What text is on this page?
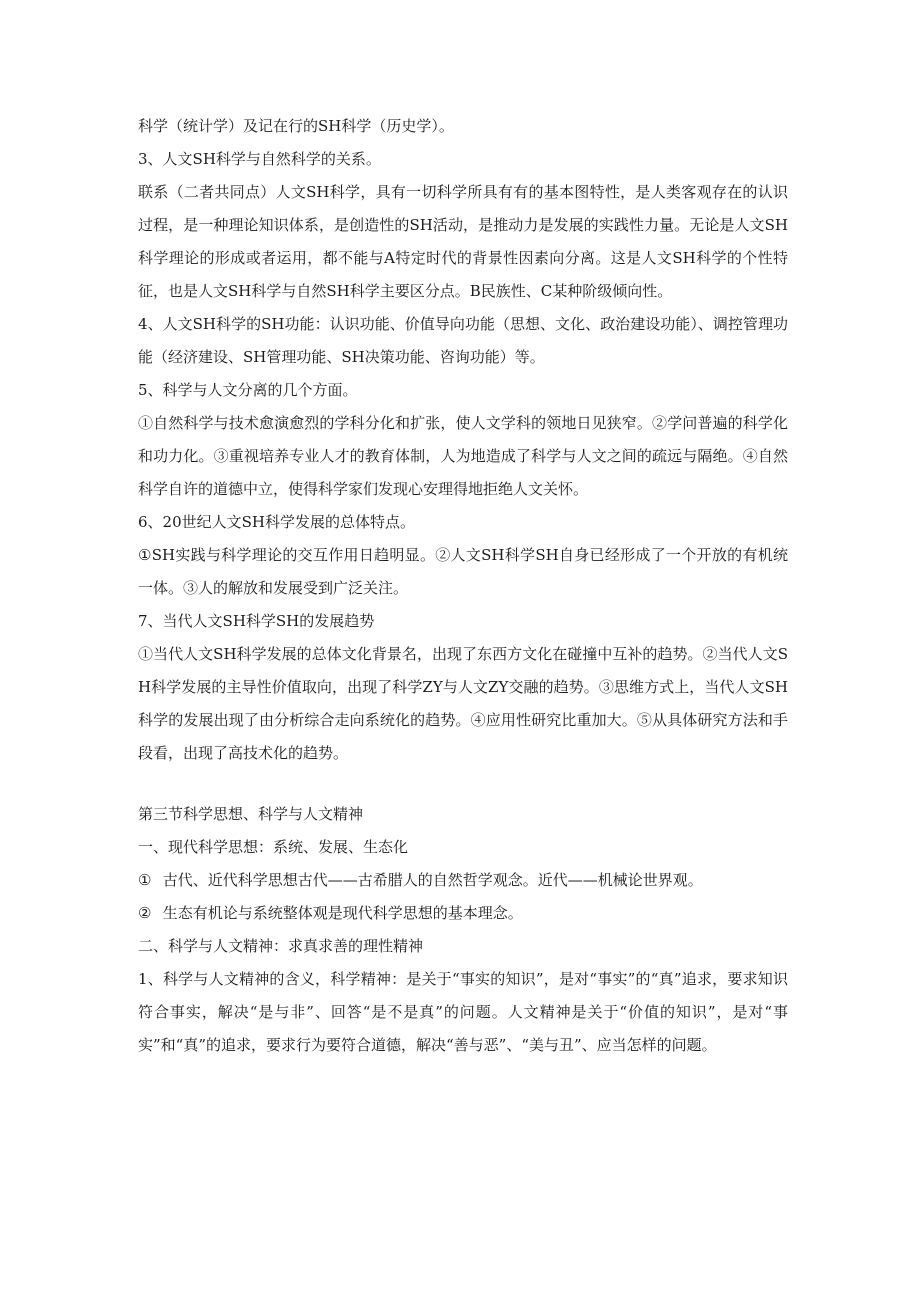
科学（统计学）及记在行的SH科学（历史学）。

3、人文SH科学与自然科学的关系。

联系（二者共同点）人文SH科学，具有一切科学所具有有的基本图特性，是人类客观存在的认识过程，是一种理论知识体系，是创造性的SH活动，是推动力是发展的实践性力量。无论是人文SH科学理论的形成或者运用，都不能与A特定时代的背景性因素向分离。这是人文SH科学的个性特征，也是人文SH科学与自然SH科学主要区分点。B民族性、C某种阶级倾向性。

4、人文SH科学的SH功能：认识功能、价值导向功能（思想、文化、政治建设功能）、调控管理功能（经济建设、SH管理功能、SH决策功能、咨询功能）等。

5、科学与人文分离的几个方面。

①自然科学与技术愈演愈烈的学科分化和扩张，使人文学科的领地日见狭窄。②学问普遍的科学化和功力化。③重视培养专业人才的教育体制，人为地造成了科学与人文之间的疏远与隔绝。④自然科学自许的道德中立，使得科学家们发现心安理得地拒绝人文关怀。

6、20世纪人文SH科学发展的总体特点。

①SH实践与科学理论的交互作用日趋明显。②人文SH科学SH自身已经形成了一个开放的有机统一体。③人的解放和发展受到广泛关注。

7、当代人文SH科学SH的发展趋势

①当代人文SH科学发展的总体文化背景名，出现了东西方文化在碰撞中互补的趋势。②当代人文SH科学发展的主导性价值取向，出现了科学ZY与人文ZY交融的趋势。③思维方式上，当代人文SH科学的发展出现了由分析综合走向系统化的趋势。④应用性研究比重加大。⑤从具体研究方法和手段看，出现了高技术化的趋势。

第三节科学思想、科学与人文精神

一、现代科学思想：系统、发展、生态化

① 古代、近代科学思想古代——古希腊人的自然哲学观念。近代——机械论世界观。

② 生态有机论与系统整体观是现代科学思想的基本理念。

二、科学与人文精神：求真求善的理性精神

1、科学与人文精神的含义，科学精神：是关于“事实的知识”，是对“事实”的“真”追求，要求知识符合事实，解决“是与非”、回答“是不是真”的问题。人文精神是关于“价值的知识”，是对“事实”和“真”的追求，要求行为要符合道德，解决“善与恶”、“美与丑”、应当怎样的问题。
